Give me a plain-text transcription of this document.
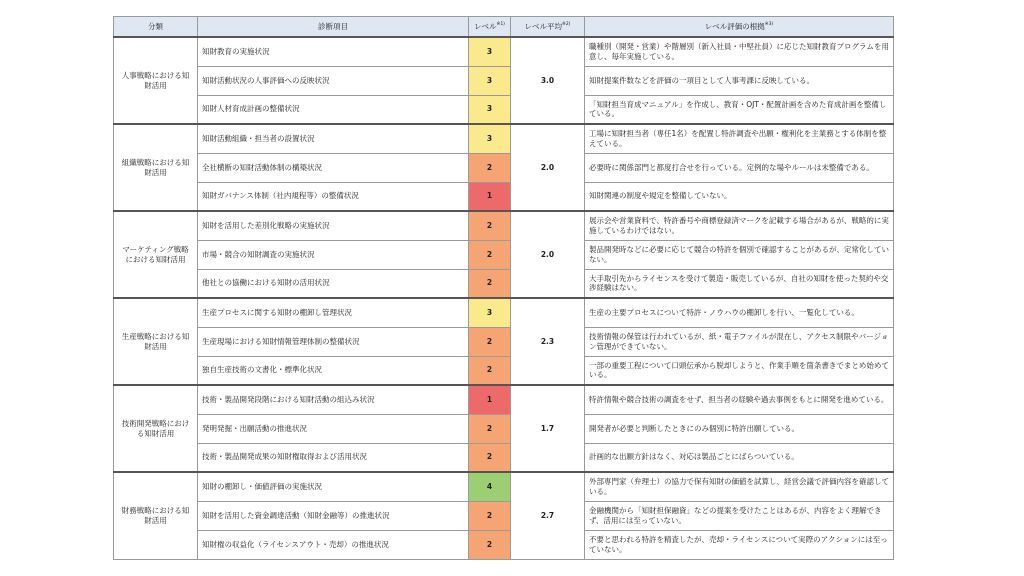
分類	診断項目	レベル$^{※1)}$	レベル平均$^{※2)}$	レベル評価の根拠$^{※3)}$
人事戦略における知財活用	知財教育の実施状況	3	3.0	職種別（開発・営業）や階層別（新入社員・中堅社員）に応じた知財教育プログラムを用意し、毎年実施している。
	知財活動状況の人事評価への反映状況	3		知財提案件数などを評価の一項目として人事考課に反映している。
	知財人材育成計画の整備状況	3		「知財担当育成マニュアル」を作成し、教育・OJT・配置計画を含めた育成計画を整備している。
組織戦略における知財活用	知財活動組織・担当者の設置状況	3	2.0	工場に知財担当者（専任1名）を配置し特許調査や出願・権利化を主業務とする体制を整えている。
	全社横断の知財活動体制の構築状況	2		必要時に関係部門と都度打合せを行っている。定例的な場やルールは未整備である。
	知財ガバナンス体制（社内規程等）の整備状況	1		知財関連の制度や規定を整備していない。
マーケティング戦略における知財活用	知財を活用した差別化戦略の実施状況	2	2.0	展示会や営業資料で、特許番号や商標登録済マークを記載する場合があるが、戦略的に実施しているわけではない。
	市場・競合の知財調査の実施状況	2		製品開発時などに必要に応じて競合の特許を個別で確認することがあるが、定常化していない。
	他社との協働における知財の活用状況	2		大手取引先からライセンスを受けて製造・販売しているが、自社の知財を使った契約や交渉経験はない。
生産戦略における知財活用	生産プロセスに関する知財の棚卸し管理状況	3	2.3	生産の主要プロセスについて特許・ノウハウの棚卸しを行い、一覧化している。
	生産現場における知財情報管理体制の整備状況	2		技術情報の保管は行われているが、紙・電子ファイルが混在し、アクセス制限やバージョン管理ができていない。
	独自生産技術の文書化・標準化状況	2		一部の重要工程について口頭伝承から脱却しようと、作業手順を箇条書きでまとめ始めている。
技術開発戦略における知財活用	技術・製品開発段階における知財活動の組込み状況	1	1.7	特許情報や競合技術の調査をせず、担当者の経験や過去事例をもとに開発を進めている。
	発明発掘・出願活動の推進状況	2		開発者が必要と判断したときにのみ個別に特許出願している。
	技術・製品開発成果の知財権取得および活用状況	2		計画的な出願方針はなく、対応は製品ごとにばらついている。
財務戦略における知財活用	知財の棚卸し・価値評価の実施状況	4	2.7	外部専門家（弁理士）の協力で保有知財の価値を試算し、経営会議で評価内容を確認している。
	知財を活用した資金調達活動（知財金融等）の推進状況	2		金融機関から「知財担保融資」などの提案を受けたことはあるが、内容をよく理解できず、活用には至っていない。
	知財権の収益化（ライセンスアウト・売却）の推進状況	2		不要と思われる特許を精査したが、売却・ライセンスについて実際のアクションには至っていない。
